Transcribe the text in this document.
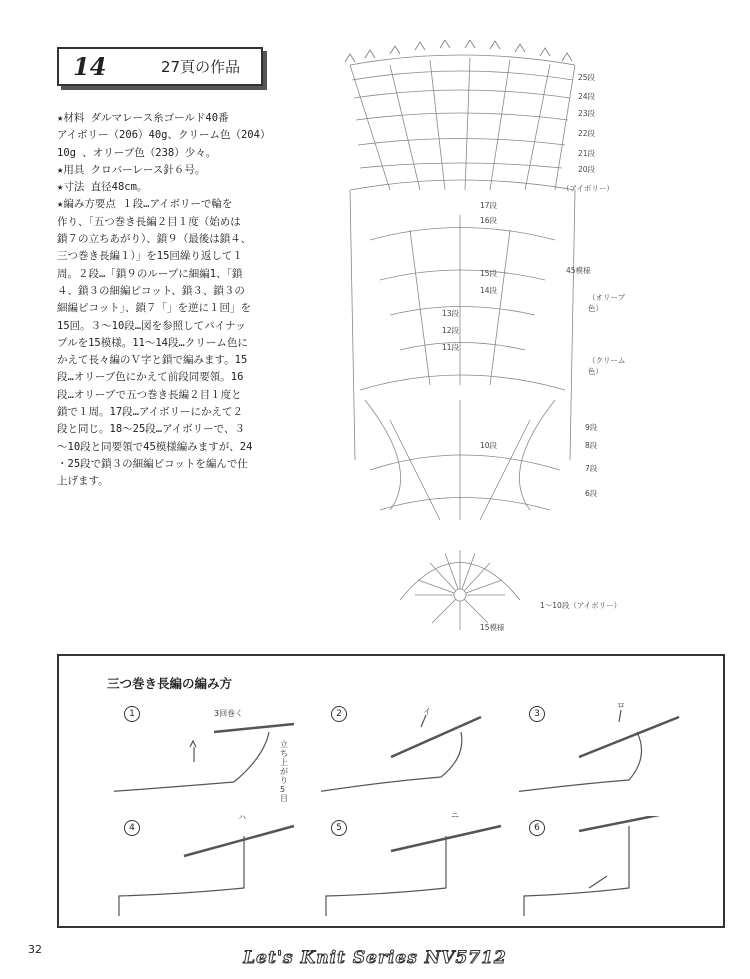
14	27頁の作品
★材料 ダルマレース糸ゴールド40番
アイボリー（206）40g、クリーム色（204）
10g 、オリーブ色（238）少々。
★用具 クロバーレース針６号。
★寸法 直径48cm。
★編み方要点 １段…アイボリーで輪を
作り、「五つ巻き長編２目１度（始めは
鎖７の立ちあがり）、鎖９（最後は鎖４、
三つ巻き長編１）」を15回繰り返して１
周。２段…「鎖９のループに細編1、「鎖
４、鎖３の細編ピコット、鎖３、鎖３の
細編ピコット」、鎖７「」を逆に１回」を
15回。３～10段…図を参照してパイナッ
プルを15模様。11～14段…クリーム色に
かえて長々編のＶ字と鎖で編みます。15
段…オリーブ色にかえて前段同要領。16
段…オリーブで五つ巻き長編２目１度と
鎖で１周。17段…アイボリーにかえて２
段と同じ。18～25段…アイボリーで、３
～10段と同要領で45模様編みますが、24
・25段で鎖３の細編ピコットを編んで仕
上げます。
25段
24段
23段
22段
21段
20段
9段
8段
7段
6段
（アイボリー）
（オリーブ色）
（クリーム色）
1〜10段（アイボリー）
45模様
15模様
17段
16段
15段
14段
13段
12段
11段
10段
三つ巻き長編の編み方
1	3回巻く
立ち上がり5目
2	イ	3
ロ
4
ハ
5
ニ
6
32	Let's Knit Series NV5712
